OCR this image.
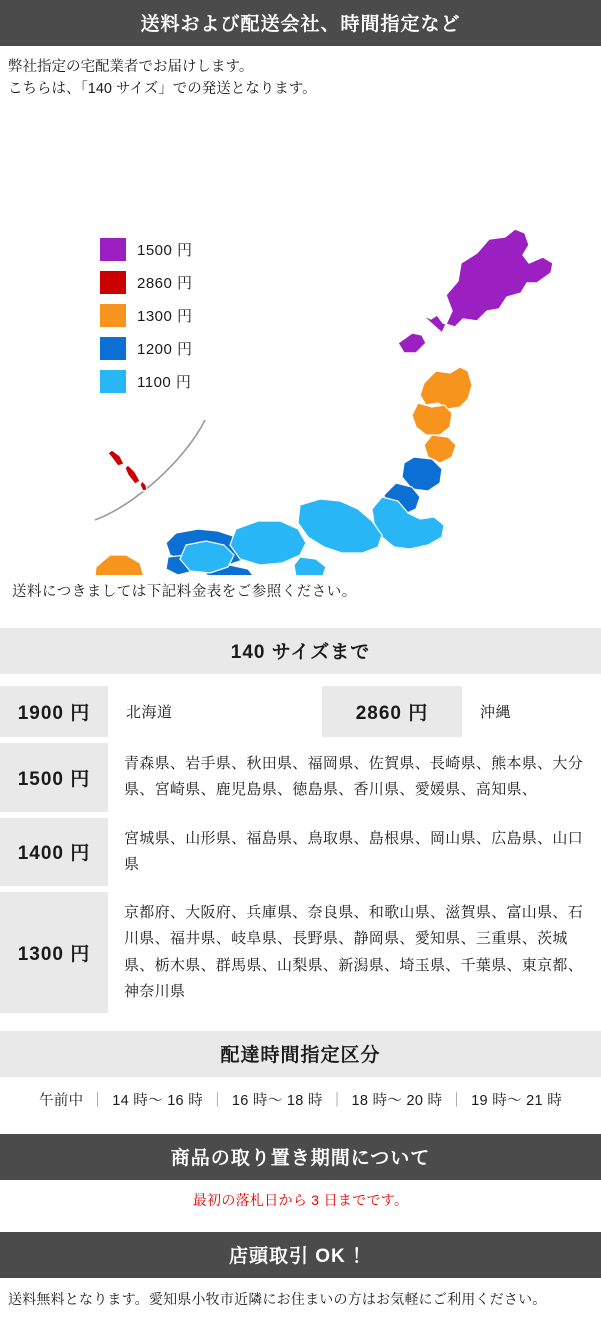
送料および配送会社、時間指定など
弊社指定の宅配業者でお届けします。
こちらは、「140 サイズ」での発送となります。
1500 円
2860 円
1300 円
1200 円
1100 円
送料につきましては下記料金表をご参照ください。
140 サイズまで
1900 円 北海道 2860 円 沖縄	

1500 円	青森県、岩手県、秋田県、福岡県、佐賀県、長崎県、熊本県、大分県、宮崎県、鹿児島県、徳島県、香川県、愛媛県、高知県、
1400 円	宮城県、山形県、福島県、鳥取県、島根県、岡山県、広島県、山口県
1300 円	京都府、大阪府、兵庫県、奈良県、和歌山県、滋賀県、富山県、石川県、福井県、岐阜県、長野県、静岡県、愛知県、三重県、茨城県、栃木県、群馬県、山梨県、新潟県、埼玉県、千葉県、東京都、神奈川県
配達時間指定区分
午前中 ｜ 14 時〜 16 時 ｜ 16 時〜 18 時 ｜ 18 時〜 20 時 ｜ 19 時〜 21 時
商品の取り置き期間について
最初の落札日から 3 日までです。
店頭取引 OK ！
送料無料となります。愛知県小牧市近隣にお住まいの方はお気軽にご利用ください。
